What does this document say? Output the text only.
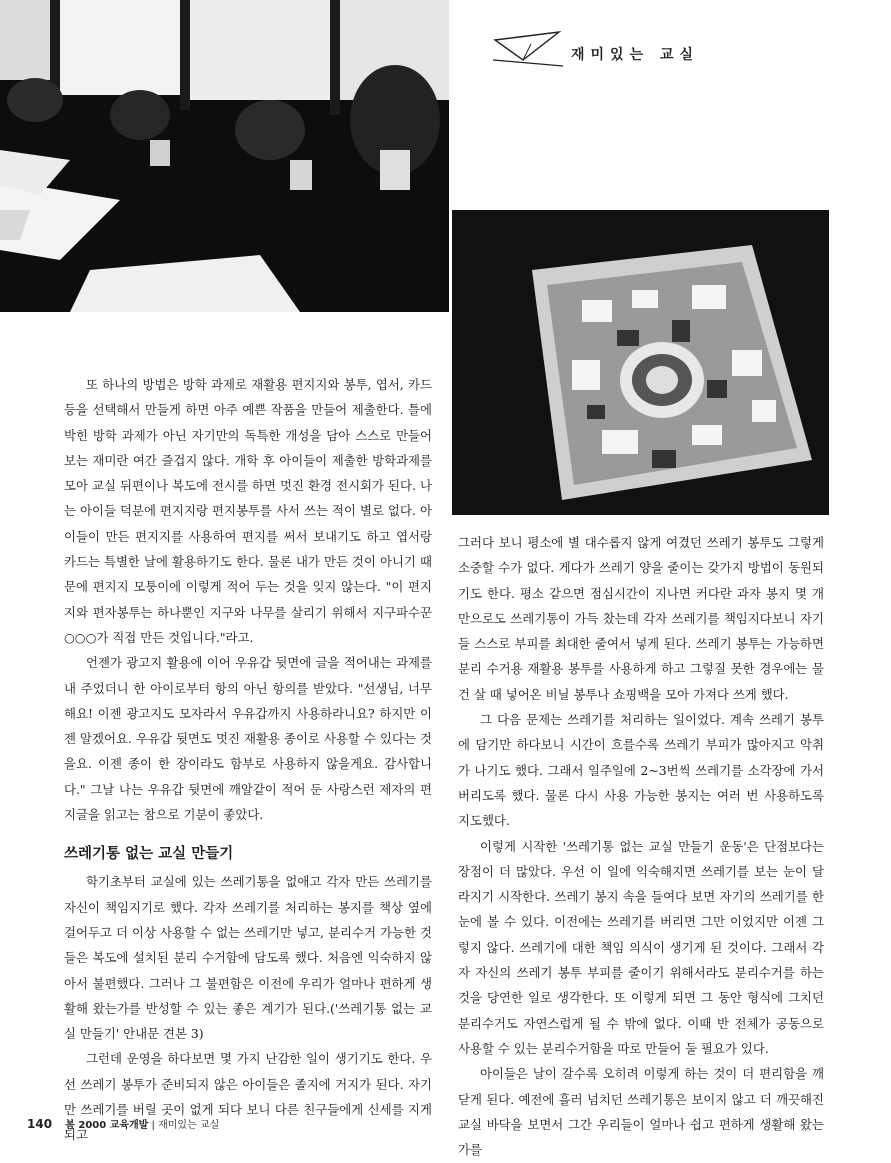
재미있는 교실

또 하나의 방법은 방학 과제로 재활용 편지지와 봉투, 엽서, 카드 등을 선택해서 만들게 하면 아주 예쁜 작품을 만들어 제출한다. 틀에 박힌 방학 과제가 아닌 자기만의 독특한 개성을 담아 스스로 만들어 보는 재미란 여간 즐겁지 않다. 개학 후 아이들이 제출한 방학과제를 모아 교실 뒤편이나 복도에 전시를 하면 멋진 환경 전시회가 된다. 나는 아이들 덕분에 편지지랑 편지봉투를 사서 쓰는 적이 별로 없다. 아이들이 만든 편지지를 사용하여 편지를 써서 보내기도 하고 엽서랑 카드는 특별한 날에 활용하기도 한다. 물론 내가 만든 것이 아니기 때문에 편지지 모퉁이에 이렇게 적어 두는 것을 잊지 않는다. "이 편지지와 편자봉투는 하나뿐인 지구와 나무를 살리기 위해서 지구파수꾼 ○○○가 직접 만든 것입니다."라고.

언젠가 광고지 활용에 이어 우유갑 뒷면에 글을 적어내는 과제를 내 주었더니 한 아이로부터 항의 아닌 항의를 받았다. "선생님, 너무해요! 이젠 광고지도 모자라서 우유갑까지 사용하라니요? 하지만 이젠 알겠어요. 우유갑 뒷면도 멋진 재활용 종이로 사용할 수 있다는 것을요. 이젠 종이 한 장이라도 함부로 사용하지 않을게요. 감사합니다." 그날 나는 우유갑 뒷면에 깨알같이 적어 둔 사랑스런 제자의 편지글을 읽고는 참으로 기분이 좋았다.

쓰레기통 없는 교실 만들기

학기초부터 교실에 있는 쓰레기통을 없애고 각자 만든 쓰레기를 자신이 책임지기로 했다. 각자 쓰레기를 처리하는 봉지를 책상 옆에 걸어두고 더 이상 사용할 수 없는 쓰레기만 넣고, 분리수거 가능한 것들은 복도에 설치된 분리 수거함에 담도록 했다. 처음엔 익숙하지 않아서 불편했다. 그러나 그 불편함은 이전에 우리가 얼마나 편하게 생활해 왔는가를 반성할 수 있는 좋은 계기가 된다.('쓰레기통 없는 교실 만들기' 안내문 견본 3)

그런데 운영을 하다보면 몇 가지 난감한 일이 생기기도 한다. 우선 쓰레기 봉투가 준비되지 않은 아이들은 졸지에 거지가 된다. 자기만 쓰레기를 버릴 곳이 없게 되다 보니 다른 친구들에게 신세를 지게 되고

그러다 보니 평소에 별 대수롭지 않게 여겼던 쓰레기 봉투도 그렇게 소중할 수가 없다. 게다가 쓰레기 양을 줄이는 갖가지 방법이 동원되기도 한다. 평소 같으면 점심시간이 지나면 커다란 과자 봉지 몇 개만으로도 쓰레기통이 가득 찼는데 각자 쓰레기를 책임지다보니 자기들 스스로 부피를 최대한 줄여서 넣게 된다. 쓰레기 봉투는 가능하면 분리 수거용 재활용 봉투를 사용하게 하고 그렇질 못한 경우에는 물건 살 때 넣어온 비닐 봉투나 쇼핑백을 모아 가져다 쓰게 했다.

그 다음 문제는 쓰레기를 처리하는 일이었다. 계속 쓰레기 봉투에 담기만 하다보니 시간이 흐를수록 쓰레기 부피가 많아지고 악취가 나기도 했다. 그래서 일주일에 2~3번씩 쓰레기를 소각장에 가서 버리도록 했다. 물론 다시 사용 가능한 봉지는 여러 번 사용하도록 지도했다.

이렇게 시작한 '쓰레기통 없는 교실 만들기 운동'은 단점보다는 장점이 더 많았다. 우선 이 일에 익숙해지면 쓰레기를 보는 눈이 달라지기 시작한다. 쓰레기 봉지 속을 들여다 보면 자기의 쓰레기를 한눈에 볼 수 있다. 이전에는 쓰레기를 버리면 그만 이었지만 이젠 그렇지 않다. 쓰레기에 대한 책임 의식이 생기게 된 것이다. 그래서 각자 자신의 쓰레기 봉투 부피를 줄이기 위해서라도 분리수거를 하는 것을 당연한 일로 생각한다. 또 이렇게 되면 그 동안 형식에 그치던 분리수거도 자연스럽게 될 수 밖에 없다. 이때 반 전체가 공동으로 사용할 수 있는 분리수거함을 따로 만들어 둘 필요가 있다.

아이들은 날이 갈수록 오히려 이렇게 하는 것이 더 편리함을 깨닫게 된다. 예전에 흘러 넘치던 쓰레기통은 보이지 않고 더 깨끗해진 교실 바닥을 보면서 그간 우리들이 얼마나 쉽고 편하게 생활해 왔는가를

140 봄 2000 교육개발 | 재미있는 교실
